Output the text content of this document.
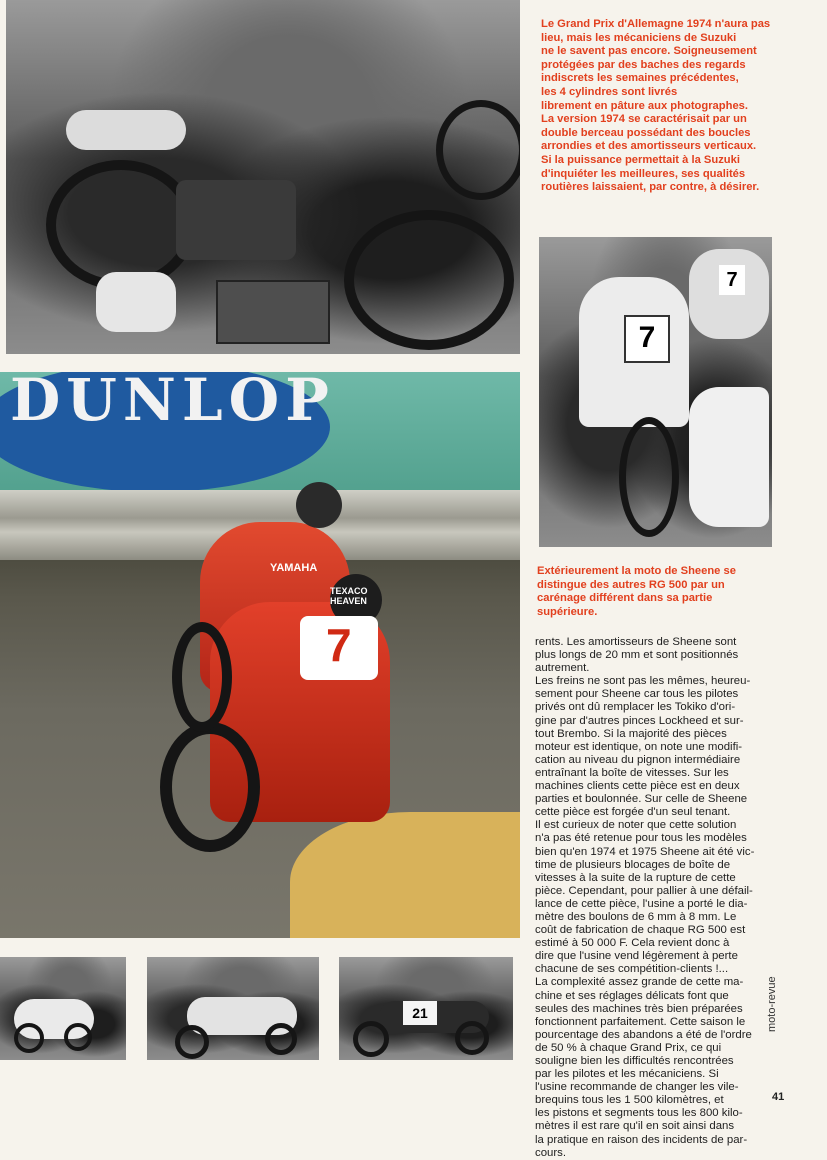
Le Grand Prix d'Allemagne 1974 n'aura pas
lieu, mais les mécaniciens de Suzuki
ne le savent pas encore. Soigneusement
protégées par des baches des regards
indiscrets les semaines précédentes,
les 4 cylindres sont livrés
librement en pâture aux photographes.
La version 1974 se caractérisait par un
double berceau possédant des boucles
arrondies et des amortisseurs verticaux.
Si la puissance permettait à la Suzuki
d'inquiéter les meilleures, ses qualités
routières laissaient, par contre, à désirer.
7
7
Extérieurement la moto de Sheene se
distingue des autres RG 500 par un
carénage différent dans sa partie
supérieure.
DUNLOP
YAMAHA
TEXACO HEAVEN
7
21
rents. Les amortisseurs de Sheene sont
plus longs de 20 mm et sont positionnés
autrement.
Les freins ne sont pas les mêmes, heureu-
sement pour Sheene car tous les pilotes
privés ont dû remplacer les Tokiko d'ori-
gine par d'autres pinces Lockheed et sur-
tout Brembo. Si la majorité des pièces
moteur est identique, on note une modifi-
cation au niveau du pignon intermédiaire
entraînant la boîte de vitesses. Sur les
machines clients cette pièce est en deux
parties et boulonnée. Sur celle de Sheene
cette pièce est forgée d'un seul tenant.
Il est curieux de noter que cette solution
n'a pas été retenue pour tous les modèles
bien qu'en 1974 et 1975 Sheene ait été vic-
time de plusieurs blocages de boîte de
vitesses à la suite de la rupture de cette
pièce. Cependant, pour pallier à une défail-
lance de cette pièce, l'usine a porté le dia-
mètre des boulons de 6 mm à 8 mm. Le
coût de fabrication de chaque RG 500 est
estimé à 50 000 F. Cela revient donc à
dire que l'usine vend légèrement à perte
chacune de ses compétition-clients !...
La complexité assez grande de cette ma-
chine et ses réglages délicats font que
seules des machines très bien préparées
fonctionnent parfaitement. Cette saison le
pourcentage des abandons a été de l'ordre
de 50 % à chaque Grand Prix, ce qui
souligne bien les difficultés rencontrées
par les pilotes et les mécaniciens. Si
l'usine recommande de changer les vile-
brequins tous les 1 500 kilomètres, et
les pistons et segments tous les 800 kilo-
mètres il est rare qu'il en soit ainsi dans
la pratique en raison des incidents de par-
cours.
moto-revue
41
